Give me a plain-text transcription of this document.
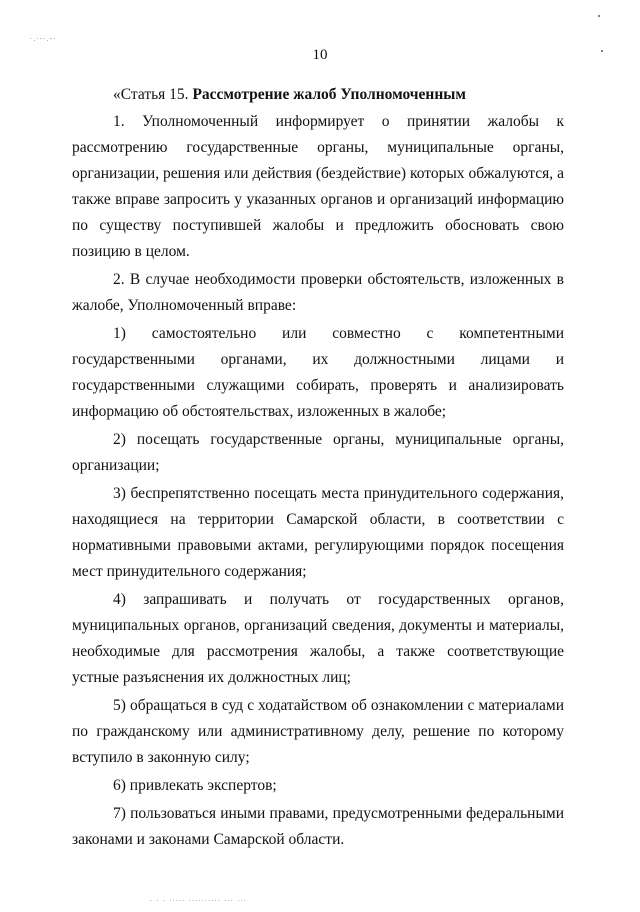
·.·-·.-·
10

«Статья 15. Рассмотрение жалоб Уполномоченным

1. Уполномоченный информирует о принятии жалобы к рассмотрению государственные органы, муниципальные органы, организации, решения или действия (бездействие) которых обжалуются, а также вправе запросить у указанных органов и организаций информацию по существу поступившей жалобы и предложить обосновать свою позицию в целом.

2. В случае необходимости проверки обстоятельств, изложенных в жалобе, Уполномоченный вправе:

1) самостоятельно или совместно с компетентными государственными органами, их должностными лицами и государственными служащими собирать, проверять и анализировать информацию об обстоятельствах, изложенных в жалобе;

2) посещать государственные органы, муниципальные органы, организации;

3) беспрепятственно посещать места принудительного содержания, находящиеся на территории Самарской области, в соответствии с нормативными правовыми актами, регулирующими порядок посещения мест принудительного содержания;

4) запрашивать и получать от государственных органов, муниципальных органов, организаций сведения, документы и материалы, необходимые для рассмотрения жалобы, а также соответствующие устные разъяснения их должностных лиц;

5) обращаться в суд с ходатайством об ознакомлении с материалами по гражданскому или административному делу, решение по которому вступило в законную силу;

6) привлекать экспертов;

7) пользоваться иными правами, предусмотренными федеральными законами и законами Самарской области.

. . . ..... .......... ... ...
